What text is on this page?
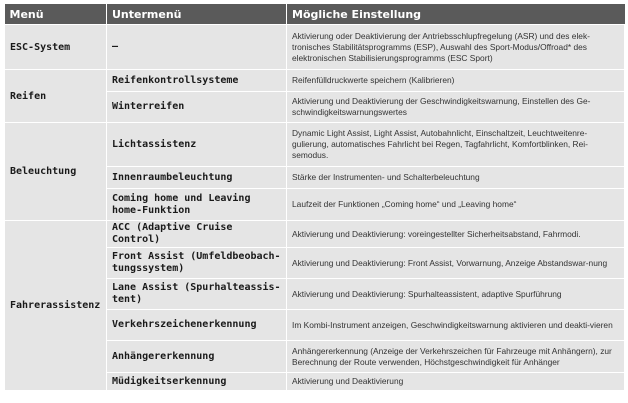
Menü	Untermenü	Mögliche Einstellung
ESC-System	–	Aktivierung oder Deaktivierung der Antriebsschlupfregelung (ASR) und des elek-tronisches Stabilitätsprogramms (ESP), Auswahl des Sport-Modus/Offroad* des elektronischen Stabilisierungsprogramms (ESC Sport)
Reifen	Reifenkontrollsysteme	Reifenfülldruckwerte speichern (Kalibrieren)
	Winterreifen	Aktivierung und Deaktivierung der Geschwindigkeitswarnung, Einstellen des Ge-schwindigkeitswarnungswertes
Beleuchtung	Lichtassistenz	Dynamic Light Assist, Light Assist, Autobahnlicht, Einschaltzeit, Leuchtweitenre-gulierung, automatisches Fahrlicht bei Regen, Tagfahrlicht, Komfortblinken, Rei-semodus.
	Innenraumbeleuchtung	Stärke der Instrumenten- und Schalterbeleuchtung
	Coming home und Leaving home-Funktion	Laufzeit der Funktionen „Coming home“ und „Leaving home“
Fahrerassistenz	ACC (Adaptive Cruise Control)	Aktivierung und Deaktivierung: voreingestellter Sicherheitsabstand, Fahrmodi.
	Front Assist (Umfeldbeobach-tungssystem)	Aktivierung und Deaktivierung: Front Assist, Vorwarnung, Anzeige Abstandswar-nung
	Lane Assist (Spurhalteassis-tent)	Aktivierung und Deaktivierung: Spurhalteassistent, adaptive Spurführung
	Verkehrszeichenerkennung	Im Kombi-Instrument anzeigen, Geschwindigkeitswarnung aktivieren und deakti-vieren
	Anhängererkennung	Anhängererkennung (Anzeige der Verkehrszeichen für Fahrzeuge mit Anhängern), zur Berechnung der Route verwenden, Höchstgeschwindigkeit für Anhänger
	Müdigkeitserkennung	Aktivierung und Deaktivierung
